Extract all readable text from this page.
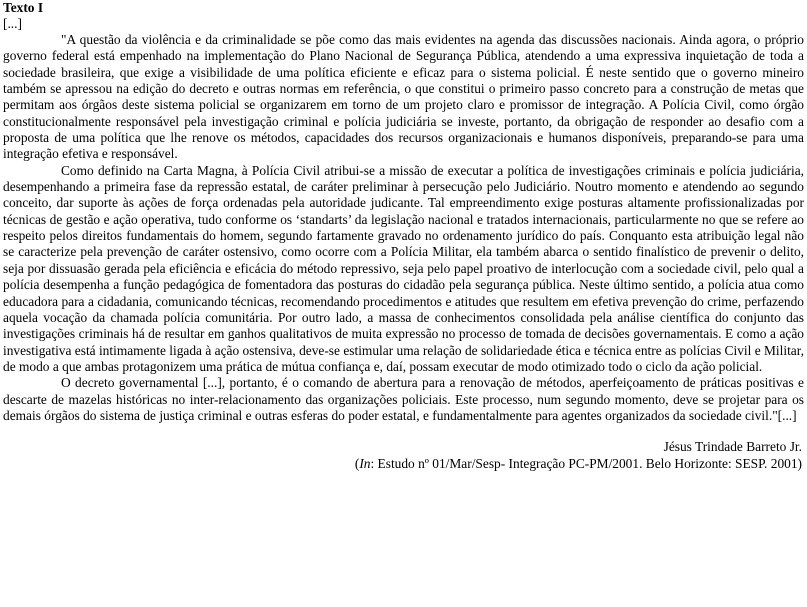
Texto I

[...]

"A questão da violência e da criminalidade se põe como das mais evidentes na agenda das discussões nacionais. Ainda agora, o próprio governo federal está empenhado na implementação do Plano Nacional de Segurança Pública, atendendo a uma expressiva inquietação de toda a sociedade brasileira, que exige a visibilidade de uma política eficiente e eficaz para o sistema policial. É neste sentido que o governo mineiro também se apressou na edição do decreto e outras normas em referência, o que constitui o primeiro passo concreto para a construção de metas que permitam aos órgãos deste sistema policial se organizarem em torno de um projeto claro e promissor de integração. A Polícia Civil, como órgão constitucionalmente responsável pela investigação criminal e polícia judiciária se investe, portanto, da obrigação de responder ao desafio com a proposta de uma política que lhe renove os métodos, capacidades dos recursos organizacionais e humanos disponíveis, preparando-se para uma integração efetiva e responsável.

Como definido na Carta Magna, à Polícia Civil atribui-se a missão de executar a política de investigações criminais e polícia judiciária, desempenhando a primeira fase da repressão estatal, de caráter preliminar à persecução pelo Judiciário. Noutro momento e atendendo ao segundo conceito, dar suporte às ações de força ordenadas pela autoridade judicante. Tal empreendimento exige posturas altamente profissionalizadas por técnicas de gestão e ação operativa, tudo conforme os ‘standarts’ da legislação nacional e tratados internacionais, particularmente no que se refere ao respeito pelos direitos fundamentais do homem, segundo fartamente gravado no ordenamento jurídico do país. Conquanto esta atribuição legal não se caracterize pela prevenção de caráter ostensivo, como ocorre com a Polícia Militar, ela também abarca o sentido finalístico de prevenir o delito, seja por dissuasão gerada pela eficiência e eficácia do método repressivo, seja pelo papel proativo de interlocução com a sociedade civil, pelo qual a polícia desempenha a função pedagógica de fomentadora das posturas do cidadão pela segurança pública. Neste último sentido, a polícia atua como educadora para a cidadania, comunicando técnicas, recomendando procedimentos e atitudes que resultem em efetiva prevenção do crime, perfazendo aquela vocação da chamada polícia comunitária. Por outro lado, a massa de conhecimentos consolidada pela análise científica do conjunto das investigações criminais há de resultar em ganhos qualitativos de muita expressão no processo de tomada de decisões governamentais. E como a ação investigativa está intimamente ligada à ação ostensiva, deve-se estimular uma relação de solidariedade ética e técnica entre as polícias Civil e Militar, de modo a que ambas protagonizem uma prática de mútua confiança e, daí, possam executar de modo otimizado todo o ciclo da ação policial.

O decreto governamental [...], portanto, é o comando de abertura para a renovação de métodos, aperfeiçoamento de práticas positivas e descarte de mazelas históricas no inter-relacionamento das organizações policiais. Este processo, num segundo momento, deve se projetar para os demais órgãos do sistema de justiça criminal e outras esferas do poder estatal, e fundamentalmente para agentes organizados da sociedade civil."[...]

Jésus Trindade Barreto Jr.

(In: Estudo nº 01/Mar/Sesp- Integração PC-PM/2001. Belo Horizonte: SESP. 2001)
